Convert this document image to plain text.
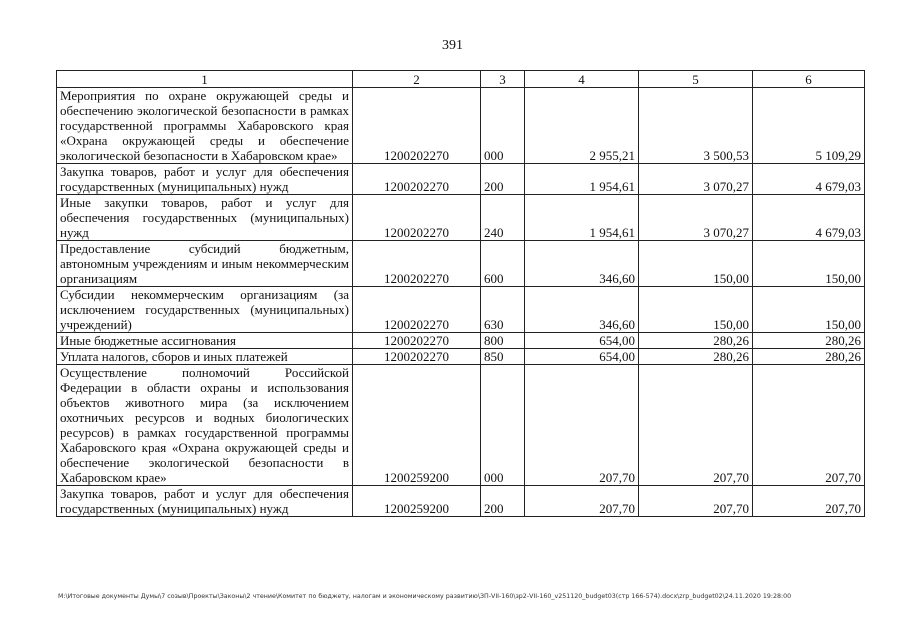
391
1	2	3	4	5	6
Мероприятия по охране окружающей среды и обеспечению экологической безопасности в рамках государственной программы Хабаровского края «Охрана окружающей среды и обеспечение экологической безопасности в Хабаровском крае»	1200202270	000	2 955,21	3 500,53	5 109,29
Закупка товаров, работ и услуг для обеспечения государственных (муниципальных) нужд	1200202270	200	1 954,61	3 070,27	4 679,03
Иные закупки товаров, работ и услуг для обеспечения государственных (муниципальных) нужд	1200202270	240	1 954,61	3 070,27	4 679,03
Предоставление субсидий бюджетным, автономным учреждениям и иным некоммерческим организациям	1200202270	600	346,60	150,00	150,00
Субсидии некоммерческим организациям (за исключением государственных (муниципальных) учреждений)	1200202270	630	346,60	150,00	150,00
Иные бюджетные ассигнования	1200202270	800	654,00	280,26	280,26
Уплата налогов, сборов и иных платежей	1200202270	850	654,00	280,26	280,26
Осуществление полномочий Российской Федерации в области охраны и использования объектов животного мира (за исключением охотничьих ресурсов и водных биологических ресурсов) в рамках государственной программы Хабаровского края «Охрана окружающей среды и обеспечение экологической безопасности в Хабаровском крае»	1200259200	000	207,70	207,70	207,70
Закупка товаров, работ и услуг для обеспечения государственных (муниципальных) нужд	1200259200	200	207,70	207,70	207,70
M:\Итоговые документы Думы\7 созыв\Проекты\Законы\2 чтение\Комитет по бюджету, налогам и экономическому развитию\ЗП-VII-160\зр2-VII-160_v251120_budget03(стр 166-574).docx\zrp_budget02\24.11.2020 19:28:00
